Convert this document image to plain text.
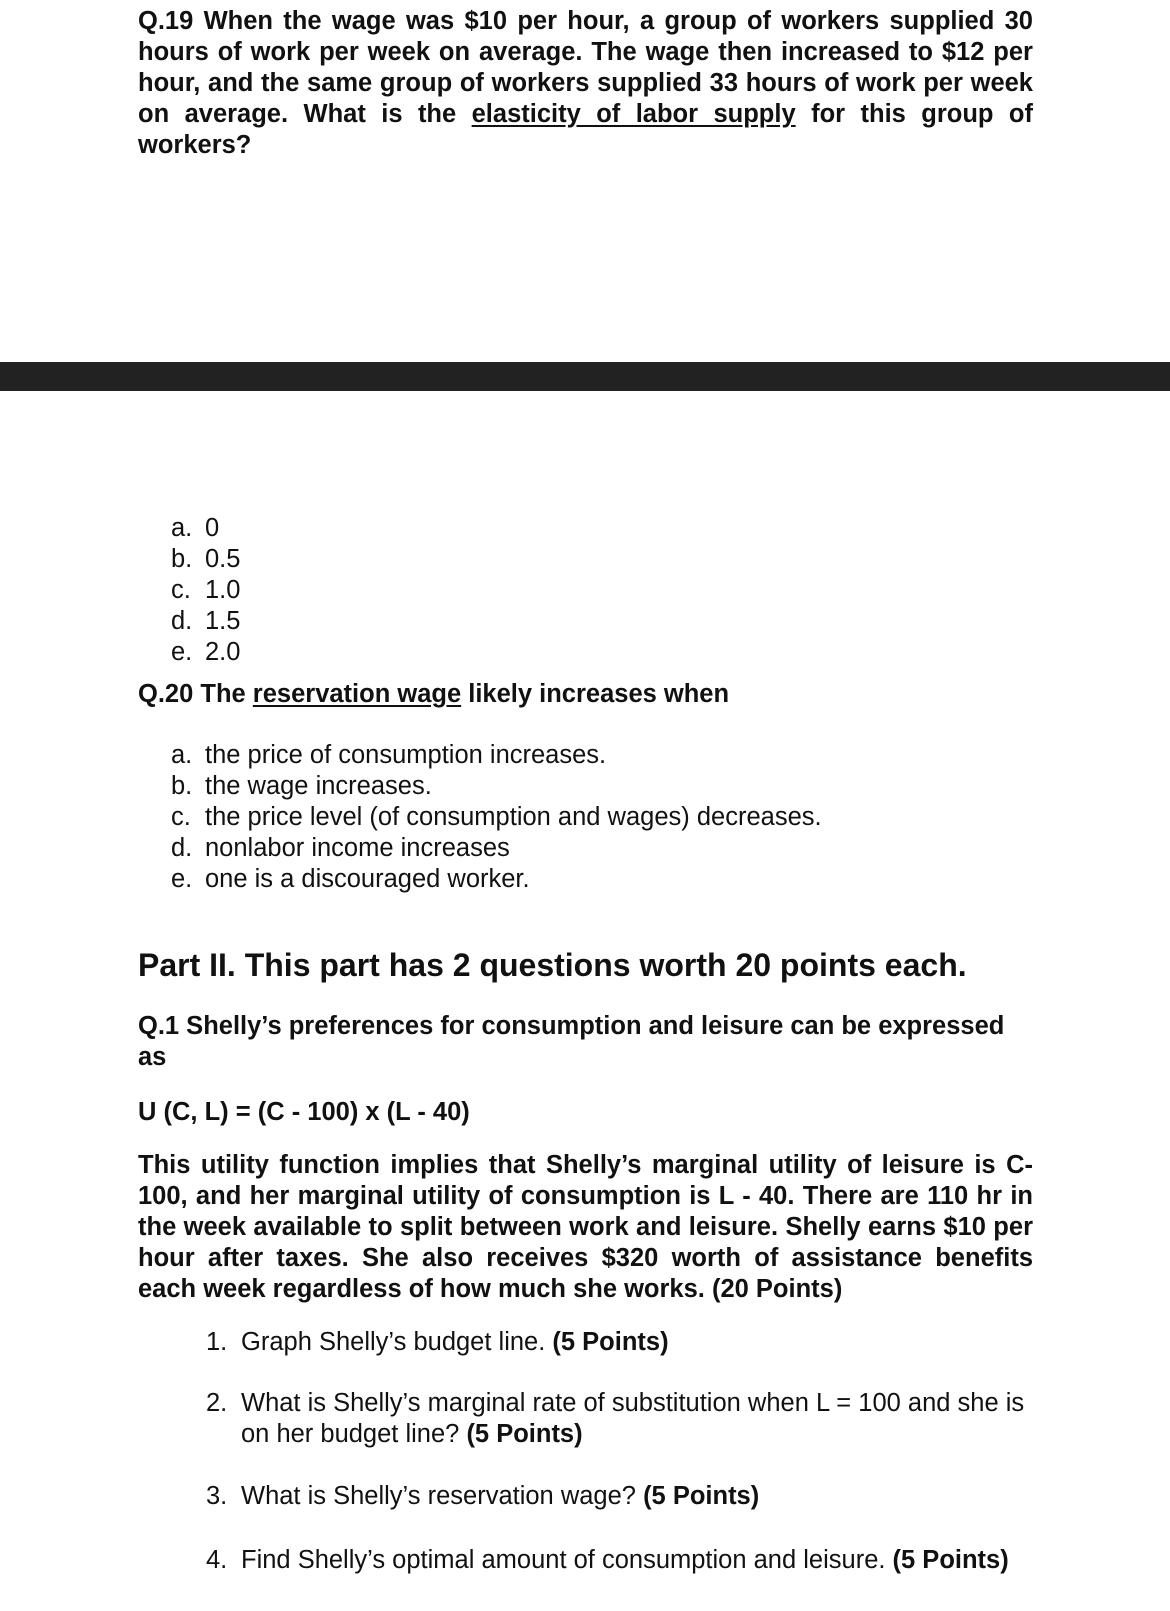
Q.19 When the wage was $10 per hour, a group of workers supplied 30 hours of work per week on average. The wage then increased to $12 per hour, and the same group of workers supplied 33 hours of work per week on average. What is the elasticity of labor supply for this group of workers?
a. 0
b. 0.5
c. 1.0
d. 1.5
e. 2.0
Q.20 The reservation wage likely increases when
a. the price of consumption increases.
b. the wage increases.
c. the price level (of consumption and wages) decreases.
d. nonlabor income increases
e. one is a discouraged worker.
Part II. This part has 2 questions worth 20 points each.
Q.1 Shelly’s preferences for consumption and leisure can be expressed as
U (C, L) = (C - 100) x (L - 40)
This utility function implies that Shelly’s marginal utility of leisure is C-100, and her marginal utility of consumption is L - 40. There are 110 hr in the week available to split between work and leisure. Shelly earns $10 per hour after taxes. She also receives $320 worth of assistance benefits each week regardless of how much she works. (20 Points)
1. Graph Shelly’s budget line. (5 Points)
2. What is Shelly’s marginal rate of substitution when L = 100 and she is on her budget line? (5 Points)
3. What is Shelly’s reservation wage? (5 Points)
4. Find Shelly’s optimal amount of consumption and leisure. (5 Points)
